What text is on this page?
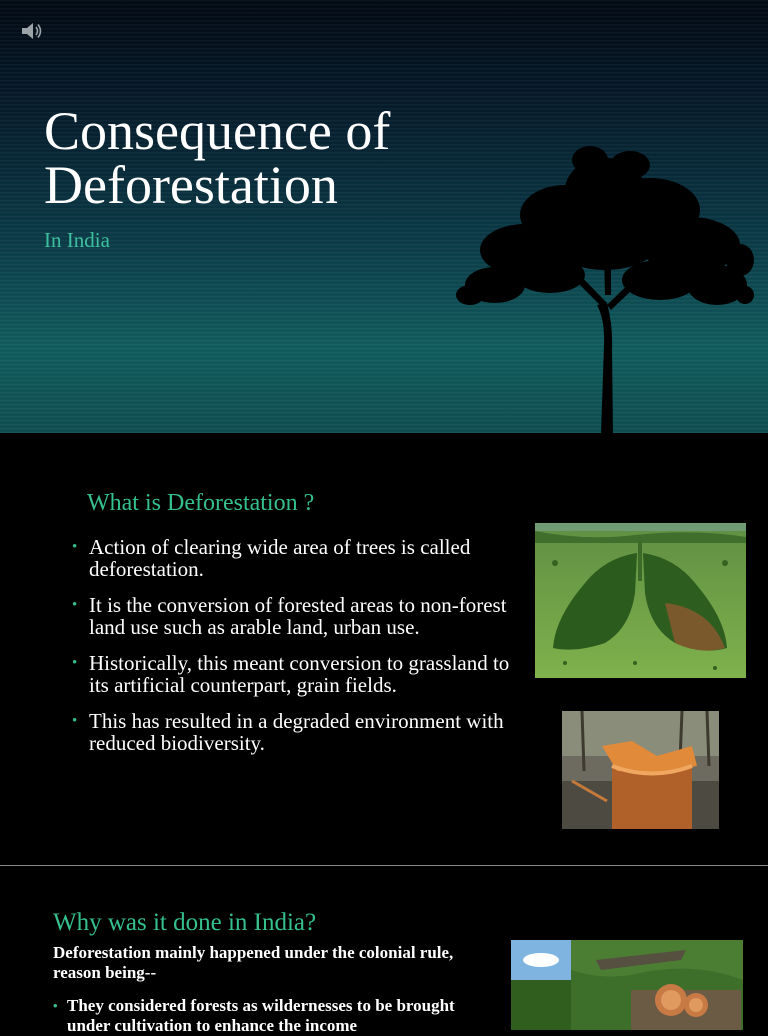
Consequence of Deforestation
In India
What is Deforestation ?
• Action of clearing wide area of trees is called deforestation.
• It is the conversion of forested areas to non-forest land use such as arable land, urban use.
• Historically, this meant conversion to grassland to its artificial counterpart, grain fields.
• This has resulted in a degraded environment with reduced biodiversity.
Why was it done in India?
Deforestation mainly happened under the colonial rule, reason being--
• They considered forests as wildernesses to be brought under cultivation to enhance the income
